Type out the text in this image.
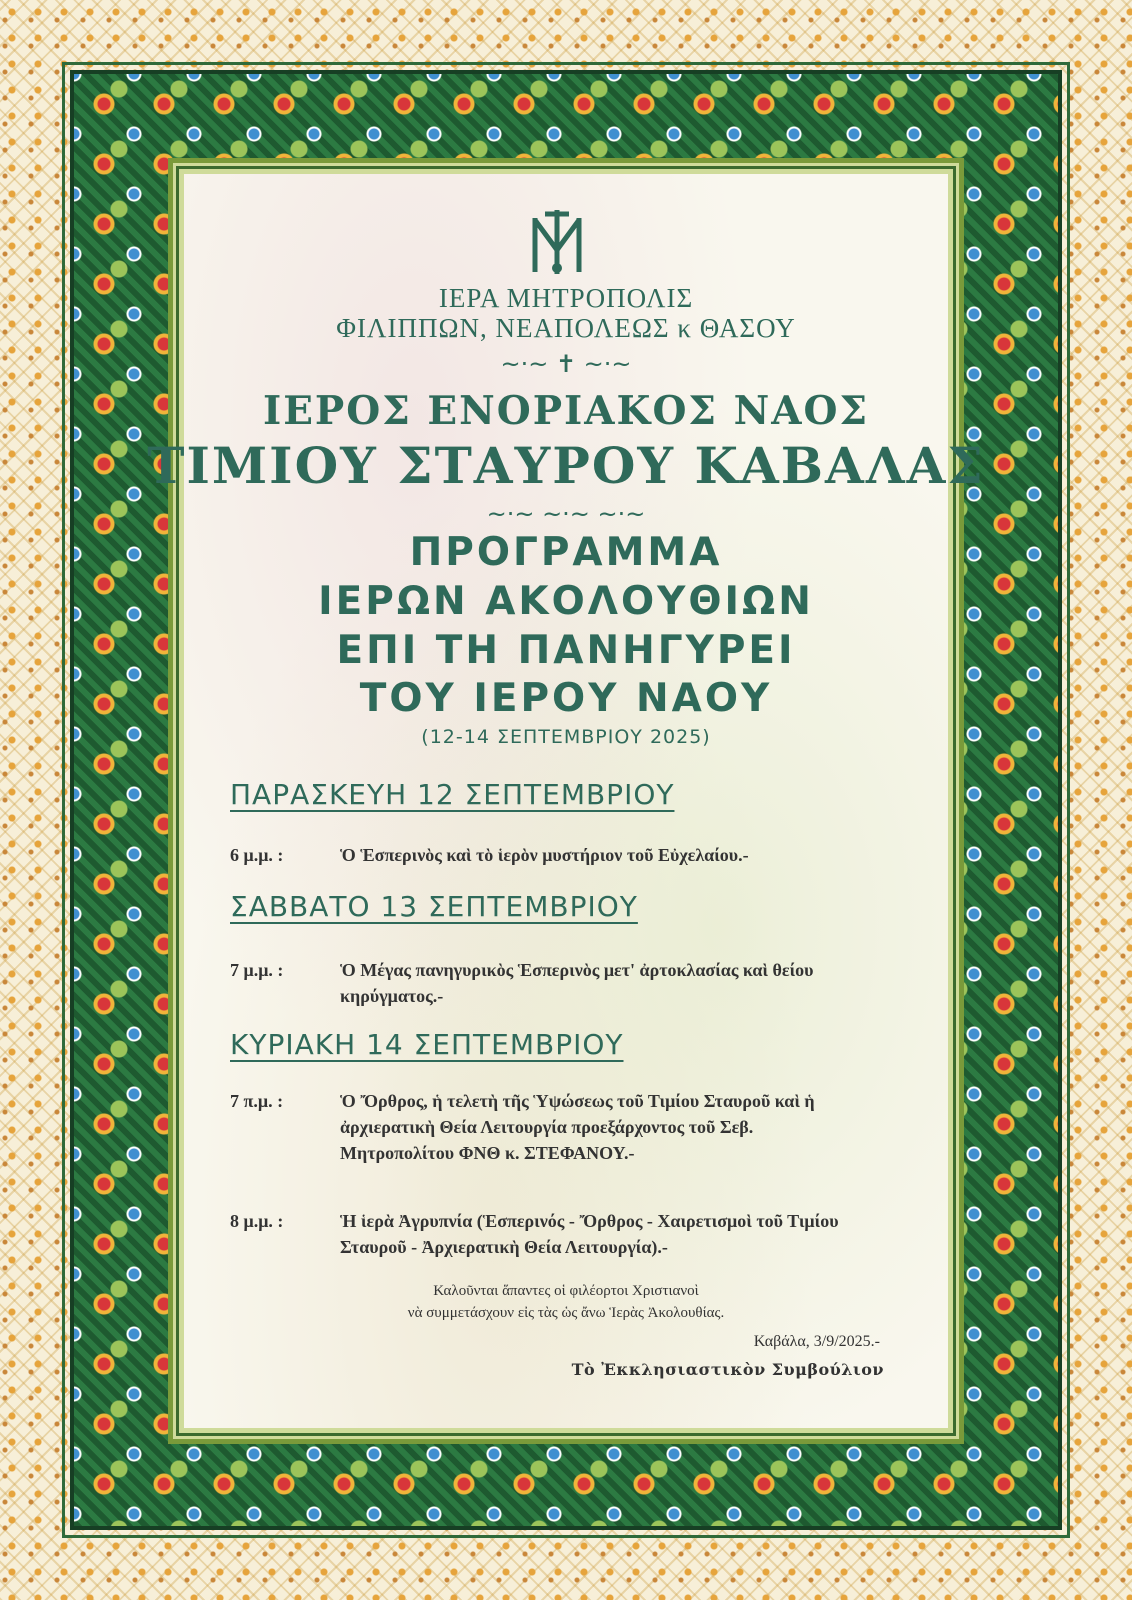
ΙΕΡΑ ΜΗΤΡΟΠΟΛΙΣ

ΦΙΛΙΠΠΩΝ, ΝΕΑΠΟΛΕΩΣ κ ΘΑΣΟΥ

~·~ ✝ ~·~

ΙΕΡΟΣ ΕΝΟΡΙΑΚΟΣ ΝΑΟΣ

ΤΙΜΙΟΥ ΣΤΑΥΡΟΥ ΚΑΒΑΛΑΣ

~·~ ~·~ ~·~

ΠΡΟΓΡΑΜΜΑ

ΙΕΡΩΝ ΑΚΟΛΟΥΘΙΩΝ

ΕΠΙ ΤΗ ΠΑΝΗΓΥΡΕΙ

ΤΟΥ ΙΕΡΟΥ ΝΑΟΥ

(12-14 ΣΕΠΤΕΜΒΡΙΟΥ 2025)

ΠΑΡΑΣΚΕΥΗ 12 ΣΕΠΤΕΜΒΡΙΟΥ

6 μ.μ. :	Ὁ Ἑσπερινὸς καὶ τὸ ἱερὸν μυστήριον τοῦ Εὐχελαίου.-

ΣΑΒΒΑΤΟ 13 ΣΕΠΤΕΜΒΡΙΟΥ

7 μ.μ. :	Ὁ Μέγας πανηγυρικὸς Ἑσπερινὸς μετ' ἀρτοκλασίας καὶ θείου κηρύγματος.-

ΚΥΡΙΑΚΗ 14 ΣΕΠΤΕΜΒΡΙΟΥ

7 π.μ. :	Ὁ Ὄρθρος, ἡ τελετὴ τῆς Ὑψώσεως τοῦ Τιμίου Σταυροῦ καὶ ἡ ἀρχιερατικὴ Θεία Λειτουργία προεξάρχοντος τοῦ Σεβ. Μητροπολίτου ΦΝΘ κ. ΣΤΕΦΑΝΟΥ.-
8 μ.μ. :	Ἡ ἱερὰ Ἀγρυπνία (Ἑσπερινός - Ὄρθρος - Χαιρετισμοὶ τοῦ Τιμίου Σταυροῦ - Ἀρχιερατικὴ Θεία Λειτουργία).-
Καλοῦνται ἅπαντες οἱ φιλέορτοι Χριστιανοὶ
νὰ συμμετάσχουν εἰς τὰς ὡς ἄνω Ἱερὰς Ἀκολουθίας.
Καβάλα, 3/9/2025.-
Τὸ Ἐκκλησιαστικὸν Συμβούλιον
